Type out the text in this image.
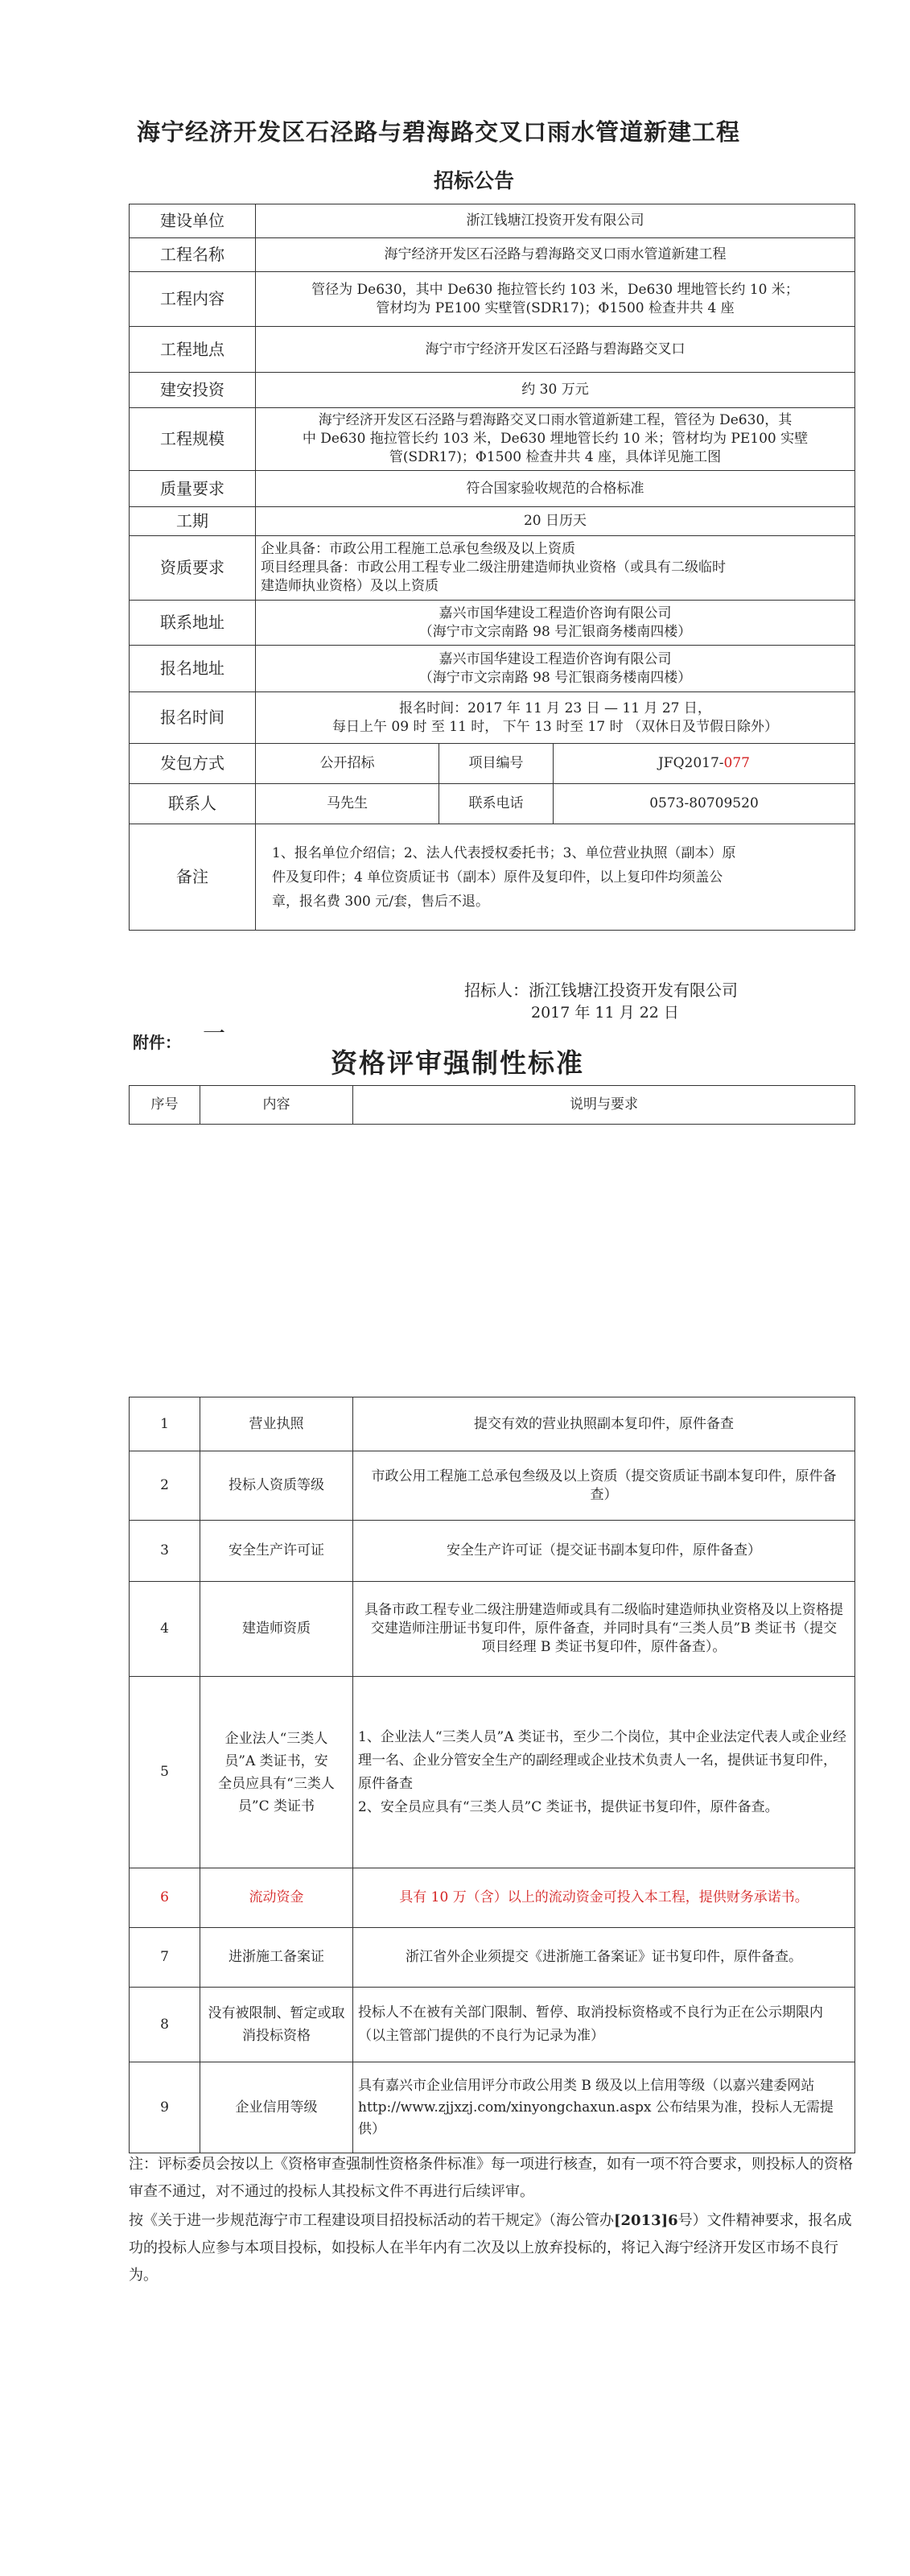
海宁经济开发区石泾路与碧海路交叉口雨水管道新建工程
招标公告
建设单位	浙江钱塘江投资开发有限公司		
工程名称	海宁经济开发区石泾路与碧海路交叉口雨水管道新建工程		
工程内容	管径为 De630，其中 De630 拖拉管长约 103 米，De630 埋地管长约 10 米；
管材均为 PE100 实壁管(SDR17)；Φ1500 检查井共 4 座		

工程地点	海宁市宁经济开发区石泾路与碧海路交叉口		
建安投资	约 30 万元		
工程规模	海宁经济开发区石泾路与碧海路交叉口雨水管道新建工程，管径为 De630，其
中 De630 拖拉管长约 103 米，De630 埋地管长约 10 米；管材均为 PE100 实壁
管(SDR17)；Φ1500 检查井共 4 座，具体详见施工图		

质量要求	符合国家验收规范的合格标准		
工期	20 日历天		
资质要求	企业具备：市政公用工程施工总承包叁级及以上资质
项目经理具备：市政公用工程专业二级注册建造师执业资格（或具有二级临时
建造师执业资格）及以上资质		

联系地址	嘉兴市国华建设工程造价咨询有限公司
（海宁市文宗南路 98 号汇银商务楼南四楼）		

报名地址	嘉兴市国华建设工程造价咨询有限公司
（海宁市文宗南路 98 号汇银商务楼南四楼）		

报名时间	报名时间：2017 年 11 月 23 日 — 11 月 27 日，
每日上午 09 时 至 11 时， 下午 13 时至 17 时 （双休日及节假日除外）		

发包方式	公开招标	项目编号	JFQ2017-077
联系人	马先生	联系电话	0573-80709520
备注	1、报名单位介绍信；2、法人代表授权委托书；3、单位营业执照（副本）原
件及复印件；4 单位资质证书（副本）原件及复印件，以上复印件均须盖公
章，报名费 300 元/套，售后不退。		
招标人：浙江钱塘江投资开发有限公司
2017 年 11 月 22 日
附件： 一
资格评审强制性标准
序号	内容	说明与要求
1	营业执照	提交有效的营业执照副本复印件，原件备查
2	投标人资质等级	市政公用工程施工总承包叁级及以上资质（提交资质证书副本复印件，原件备查）
3	安全生产许可证	安全生产许可证（提交证书副本复印件，原件备查）
4	建造师资质	具备市政工程专业二级注册建造师或具有二级临时建造师执业资格及以上资格提交建造师注册证书复印件，原件备查，并同时具有“三类人员”B 类证书（提交项目经理 B 类证书复印件，原件备查）。
5	企业法人“三类人员”A 类证书，安全员应具有“三类人员”C 类证书	1、企业法人“三类人员”A 类证书，至少二个岗位，其中企业法定代表人或企业经理一名、企业分管安全生产的副经理或企业技术负责人一名，提供证书复印件，原件备查
2、安全员应具有“三类人员”C 类证书，提供证书复印件，原件备查。

6	流动资金	具有 10 万（含）以上的流动资金可投入本工程，提供财务承诺书。
7	进浙施工备案证	浙江省外企业须提交《进浙施工备案证》证书复印件，原件备查。
8	没有被限制、暂定或取消投标资格	投标人不在被有关部门限制、暂停、取消投标资格或不良行为正在公示期限内（以主管部门提供的不良行为记录为准）
9	企业信用等级	具有嘉兴市企业信用评分市政公用类 B 级及以上信用等级（以嘉兴建委网站 http://www.zjjxzj.com/xinyongchaxun.aspx 公布结果为准，投标人无需提供）
注：评标委员会按以上《资格审查强制性资格条件标准》每一项进行核查，如有一项不符合要求，则投标人的资格审查不通过，对不通过的投标人其投标文件不再进行后续评审。
按《关于进一步规范海宁市工程建设项目招投标活动的若干规定》（海公管办[2013]6号）文件精神要求，报名成功的投标人应参与本项目投标，如投标人在半年内有二次及以上放弃投标的，将记入海宁经济开发区市场不良行为。
